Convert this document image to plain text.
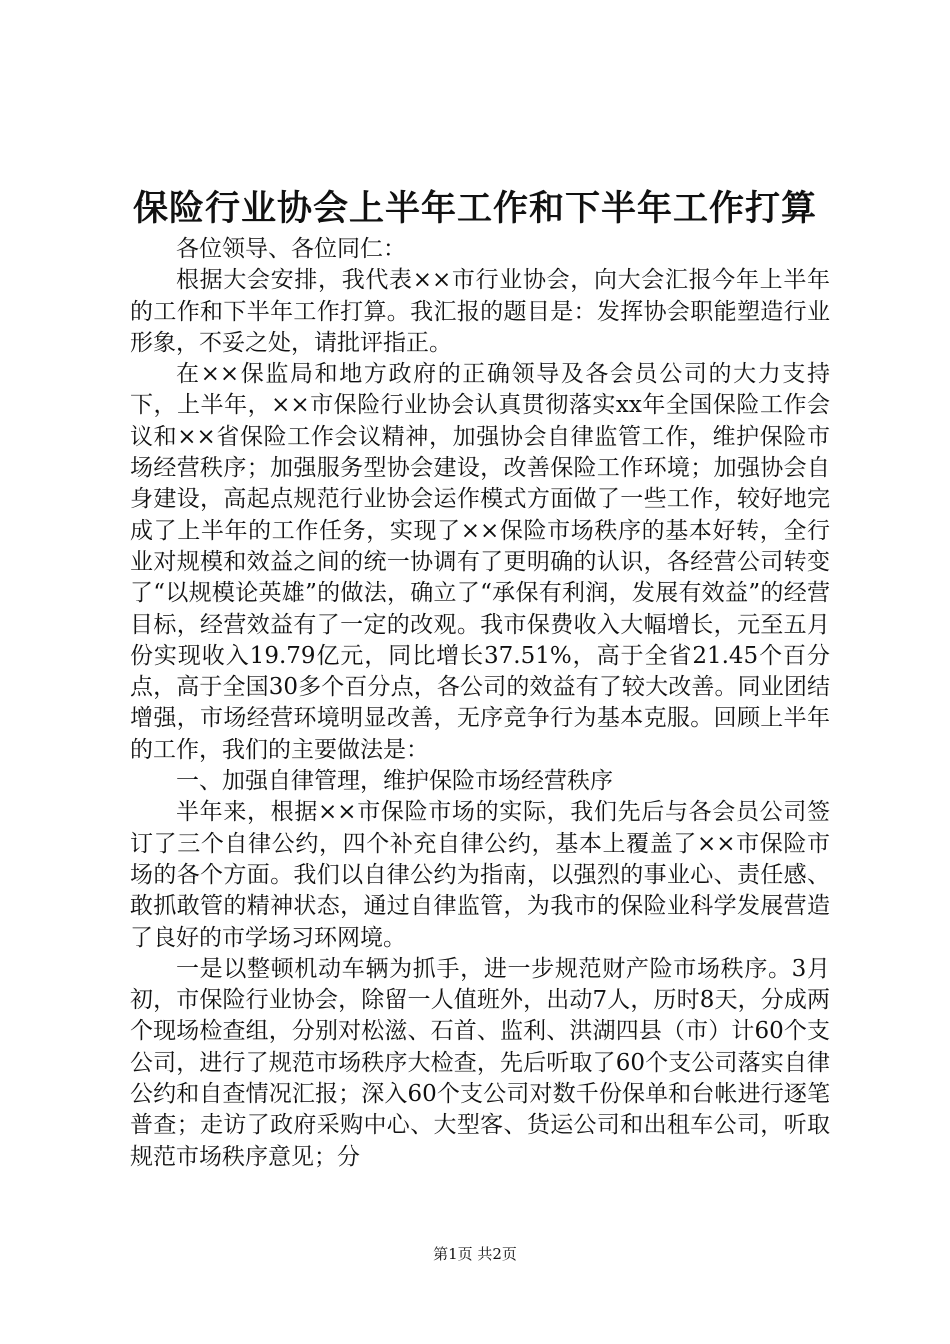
保险行业协会上半年工作和下半年工作打算

各位领导、各位同仁：

根据大会安排，我代表××市行业协会，向大会汇报今年上半年的工作和下半年工作打算。我汇报的题目是：发挥协会职能塑造行业形象，不妥之处，请批评指正。

在××保监局和地方政府的正确领导及各会员公司的大力支持下，上半年，××市保险行业协会认真贯彻落实xx年全国保险工作会议和××省保险工作会议精神，加强协会自律监管工作，维护保险市场经营秩序；加强服务型协会建设，改善保险工作环境；加强协会自身建设，高起点规范行业协会运作模式方面做了一些工作，较好地完成了上半年的工作任务，实现了××保险市场秩序的基本好转，全行业对规模和效益之间的统一协调有了更明确的认识，各经营公司转变了“以规模论英雄”的做法，确立了“承保有利润，发展有效益”的经营目标，经营效益有了一定的改观。我市保费收入大幅增长，元至五月份实现收入19.79亿元，同比增长37.51%，高于全省21.45个百分点，高于全国30多个百分点，各公司的效益有了较大改善。同业团结增强，市场经营环境明显改善，无序竞争行为基本克服。回顾上半年的工作，我们的主要做法是：

一、加强自律管理，维护保险市场经营秩序

半年来，根据××市保险市场的实际，我们先后与各会员公司签订了三个自律公约，四个补充自律公约，基本上覆盖了××市保险市场的各个方面。我们以自律公约为指南，以强烈的事业心、责任感、敢抓敢管的精神状态，通过自律监管，为我市的保险业科学发展营造了良好的市学场习环网境。

一是以整顿机动车辆为抓手，进一步规范财产险市场秩序。3月初，市保险行业协会，除留一人值班外，出动7人，历时8天，分成两个现场检查组，分别对松滋、石首、监利、洪湖四县（市）计60个支公司，进行了规范市场秩序大检查，先后听取了60个支公司落实自律公约和自查情况汇报；深入60个支公司对数千份保单和台帐进行逐笔普查；走访了政府采购中心、大型客、货运公司和出租车公司，听取规范市场秩序意见；分

第1页 共2页
